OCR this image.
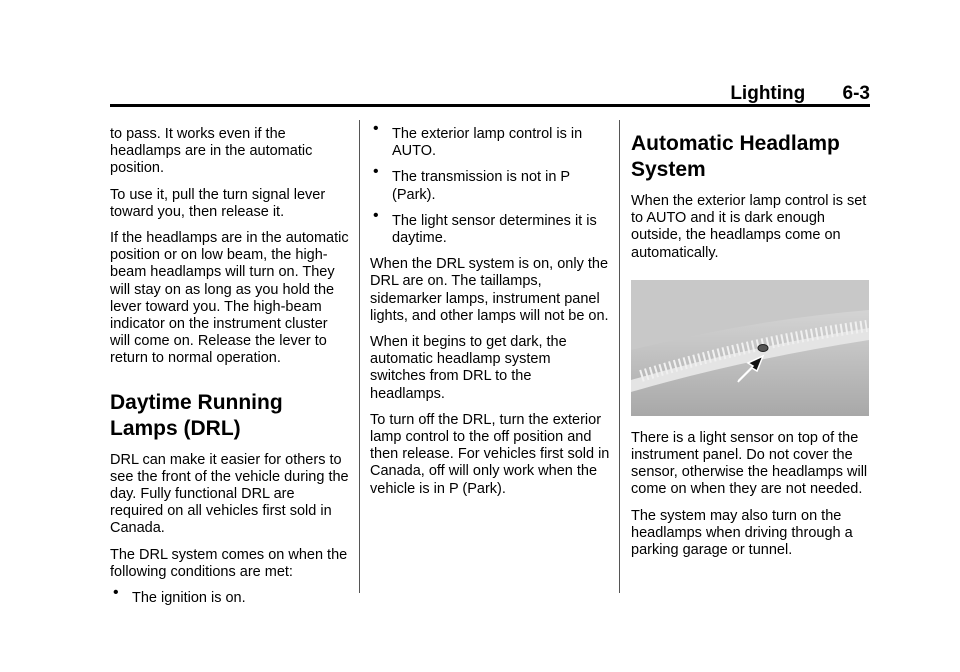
Lighting 6-3

to pass. It works even if the headlamps are in the automatic position.

To use it, pull the turn signal lever toward you, then release it.

If the headlamps are in the automatic position or on low beam, the high-beam headlamps will turn on. They will stay on as long as you hold the lever toward you. The high-beam indicator on the instrument cluster will come on. Release the lever to return to normal operation.

Daytime Running Lamps (DRL)

DRL can make it easier for others to see the front of the vehicle during the day. Fully functional DRL are required on all vehicles first sold in Canada.

The DRL system comes on when the following conditions are met:

• The ignition is on.
• The exterior lamp control is in AUTO.
• The transmission is not in P (Park).
• The light sensor determines it is daytime.

When the DRL system is on, only the DRL are on. The taillamps, sidemarker lamps, instrument panel lights, and other lamps will not be on.

When it begins to get dark, the automatic headlamp system switches from DRL to the headlamps.

To turn off the DRL, turn the exterior lamp control to the off position and then release. For vehicles first sold in Canada, off will only work when the vehicle is in P (Park).

Automatic Headlamp System

When the exterior lamp control is set to AUTO and it is dark enough outside, the headlamps come on automatically.

There is a light sensor on top of the instrument panel. Do not cover the sensor, otherwise the headlamps will come on when they are not needed.

The system may also turn on the headlamps when driving through a parking garage or tunnel.
